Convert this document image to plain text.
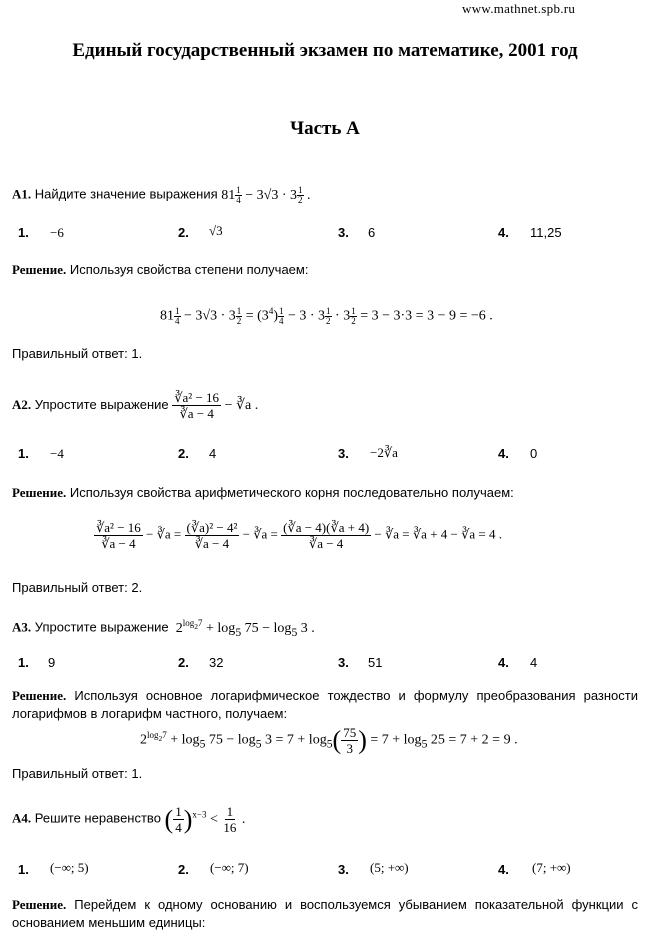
www.mathnet.spb.ru
Единый государственный экзамен по математике, 2001 год
Часть A
A1. Найдите значение выражения $81 \frac{1}{4} - 3√3 \cdot 3 \frac{1}{2}$ .
1. −6	2. √3	3. 6	4. 11,25
Решение. Используя свойства степени получаем:
$81 \frac{1}{4} - 3√3 \cdot 3 \frac{1}{2} = (3^4) \frac{1}{4} - 3 \cdot 3 \frac{1}{2} \cdot 3 \frac{1}{2} = 3 - 3\cdot 3 = 3 - 9 = -6$ .
Правильный ответ: 1.
A2. Упростите выражение $\frac{\text{∛a² − 16}}{∛a - 4}$ − ∛a .
1. −4	2. 4	3. −2∛a	4. 0
Решение. Используя свойства арифметического корня последовательно получаем:
$\frac{\text{∛a² − 16}}{∛a - 4}$ − ∛a = $\frac{\text{(∛a)² − 4²}}{∛a - 4}$ − ∛a = $\frac{(∛a - 4)(∛a + 4)}{∛a - 4}$ − ∛a = ∛a + 4 − ∛a = 4 .
Правильный ответ: 2.
A3. Упростите выражение  $2^{log_27} + \log_5 75 - \log_5 3$ .
1. 9	2. 32	3. 51	4. 4
Решение. Используя основное логарифмическое тождество и формулу преобразования разности логарифмов в логарифм частного, получаем:
$2^{log_27} + \log_5 75 - \log_5 3 = 7 + \log_5( \frac{75}{3}$ ) = $7 + \log_5 25 = 7 + 2 = 9$ .
Правильный ответ: 1.
A4. Решите неравенство ( $\frac{1}{4} )^{x-3} < \frac{1}{16}$ .
1. (−∞; 5)	2. (−∞; 7)	3. (5; +∞)	4. (7; +∞)
Решение. Перейдем к одному основанию и воспользуемся убыванием показательной функции с основанием меньшим единицы:
